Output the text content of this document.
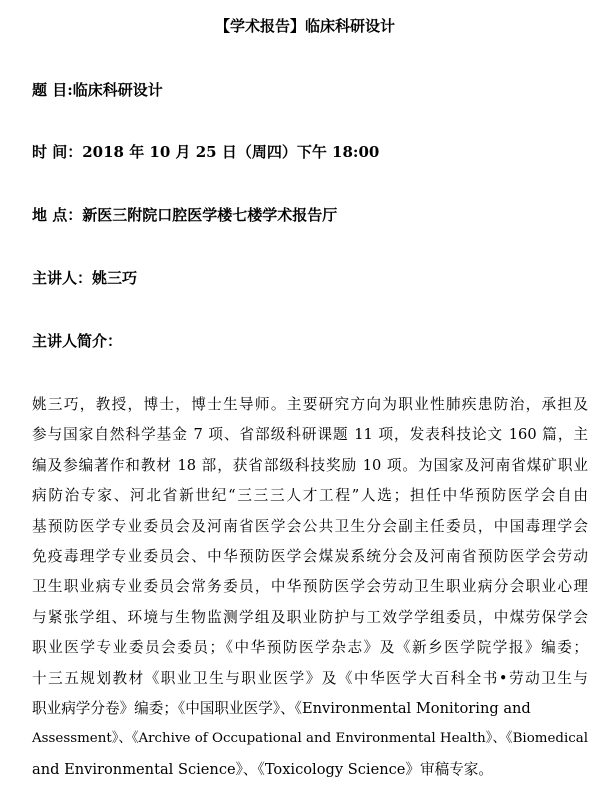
【学术报告】临床科研设计
题 目:临床科研设计
时 间：2018 年 10 月 25 日（周四）下午 18:00
地 点：新医三附院口腔医学楼七楼学术报告厅
主讲人：姚三巧
主讲人简介：
姚三巧，教授，博士，博士生导师。主要研究方向为职业性肺疾患防治，承担及
参与国家自然科学基金 7 项、省部级科研课题 11 项，发表科技论文 160 篇，主
编及参编著作和教材 18 部，获省部级科技奖励 10 项。为国家及河南省煤矿职业
病防治专家、河北省新世纪“三三三人才工程”人选；担任中华预防医学会自由
基预防医学专业委员会及河南省医学会公共卫生分会副主任委员，中国毒理学会
免疫毒理学专业委员会、中华预防医学会煤炭系统分会及河南省预防医学会劳动
卫生职业病专业委员会常务委员，中华预防医学会劳动卫生职业病分会职业心理
与紧张学组、环境与生物监测学组及职业防护与工效学学组委员，中煤劳保学会
职业医学专业委员会委员；《中华预防医学杂志》及《新乡医学院学报》编委；
十三五规划教材《职业卫生与职业医学》及《中华医学大百科全书•劳动卫生与
职业病学分卷》编委；《中国职业医学》、《Environmental Monitoring and
Assessment》、《Archive of Occupational and Environmental Health》、《Biomedical
and Environmental Science》、《Toxicology Science》审稿专家。
